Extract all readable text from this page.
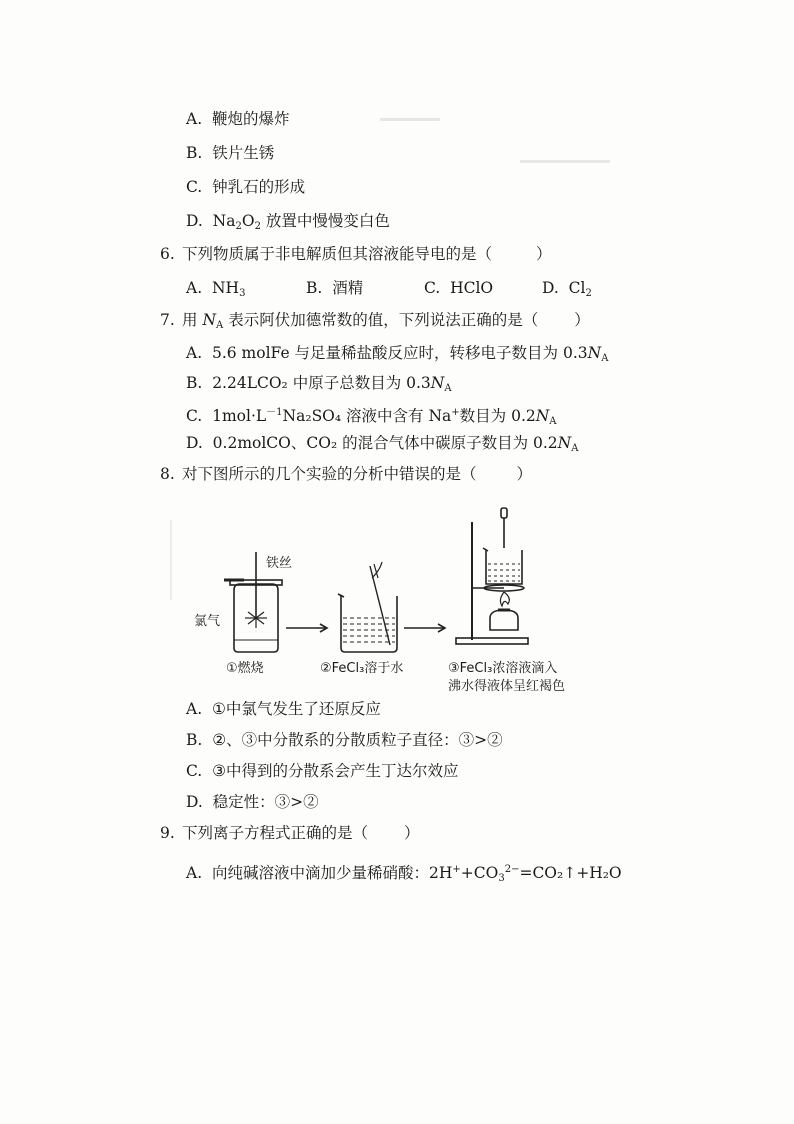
A. 鞭炮的爆炸
B. 铁片生锈
C. 钟乳石的形成
D. $Na_2O_2$ 放置中慢慢变白色
6. 下列物质属于非电解质但其溶液能导电的是（	）
A. $NH_3$	B. 酒精	C. HClO	D. $Cl_2$
7. 用 $N_A$ 表示阿伏加德常数的值，下列说法正确的是（ ）
A. 5.6 molFe 与足量稀盐酸反应时，转移电子数目为 $0.3N_A$
B. 2.24LCO₂ 中原子总数目为 $0.3N_A$
C. $1mol\cdot L^{-1}Na_2SO_4$ 溶液中含有 Na+数目为 $0.2N_A$
D. 0.2molCO、CO₂ 的混合气体中碳原子数目为 $0.2N_A$
8. 对下图所示的几个实验的分析中错误的是（	）
铁丝
氯气
①燃烧	②FeCl₃溶于水	③FeCl₃浓溶液滴入
沸水得液体呈红褐色
A. ①中氯气发生了还原反应
B. ②、③中分散系的分散质粒子直径：③>②
C. ③中得到的分散系会产生丁达尔效应
D. 稳定性：③>②
9. 下列离子方程式正确的是（ ）
A. 向纯碱溶液中滴加少量稀硝酸：$2H^++CO_3^{2-}=CO_2↑+H_2O$
